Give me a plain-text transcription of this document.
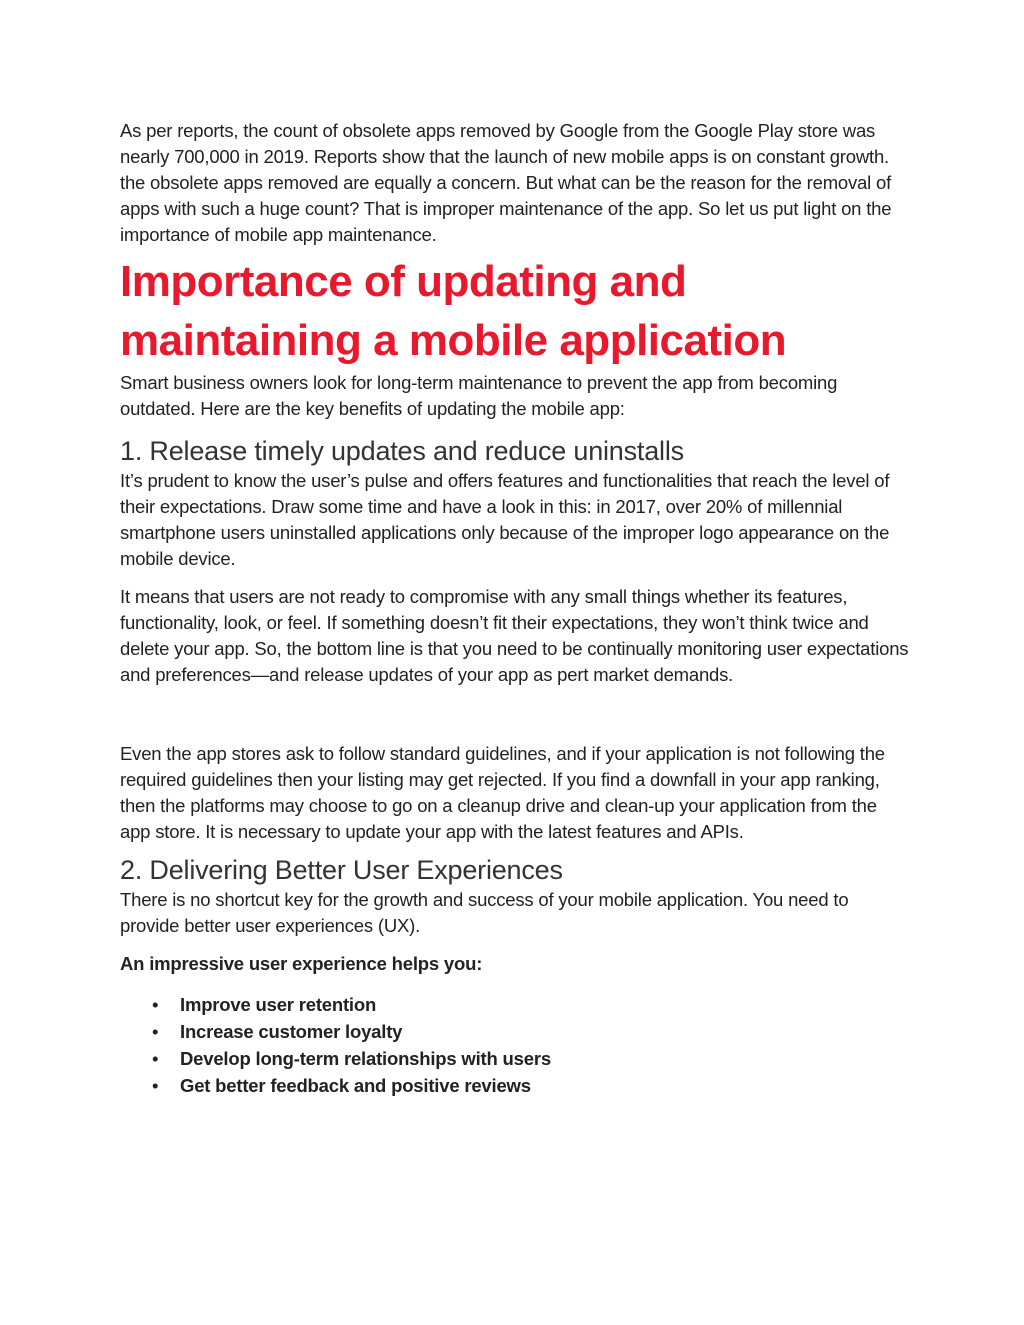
As per reports, the count of obsolete apps removed by Google from the Google Play store was nearly 700,000 in 2019. Reports show that the launch of new mobile apps is on constant growth. the obsolete apps removed are equally a concern. But what can be the reason for the removal of apps with such a huge count? That is improper maintenance of the app. So let us put light on the importance of mobile app maintenance.

Importance of updating and maintaining a mobile application

Smart business owners look for long-term maintenance to prevent the app from becoming outdated. Here are the key benefits of updating the mobile app:

1. Release timely updates and reduce uninstalls

It’s prudent to know the user’s pulse and offers features and functionalities that reach the level of their expectations. Draw some time and have a look in this: in 2017, over 20% of millennial smartphone users uninstalled applications only because of the improper logo appearance on the mobile device.

It means that users are not ready to compromise with any small things whether its features, functionality, look, or feel. If something doesn’t fit their expectations, they won’t think twice and delete your app. So, the bottom line is that you need to be continually monitoring user expectations and preferences—and release updates of your app as pert market demands.

Even the app stores ask to follow standard guidelines, and if your application is not following the required guidelines then your listing may get rejected. If you find a downfall in your app ranking, then the platforms may choose to go on a cleanup drive and clean-up your application from the app store. It is necessary to update your app with the latest features and APIs.

2. Delivering Better User Experiences

There is no shortcut key for the growth and success of your mobile application. You need to provide better user experiences (UX).

An impressive user experience helps you:

• Improve user retention
• Increase customer loyalty
• Develop long-term relationships with users
• Get better feedback and positive reviews
